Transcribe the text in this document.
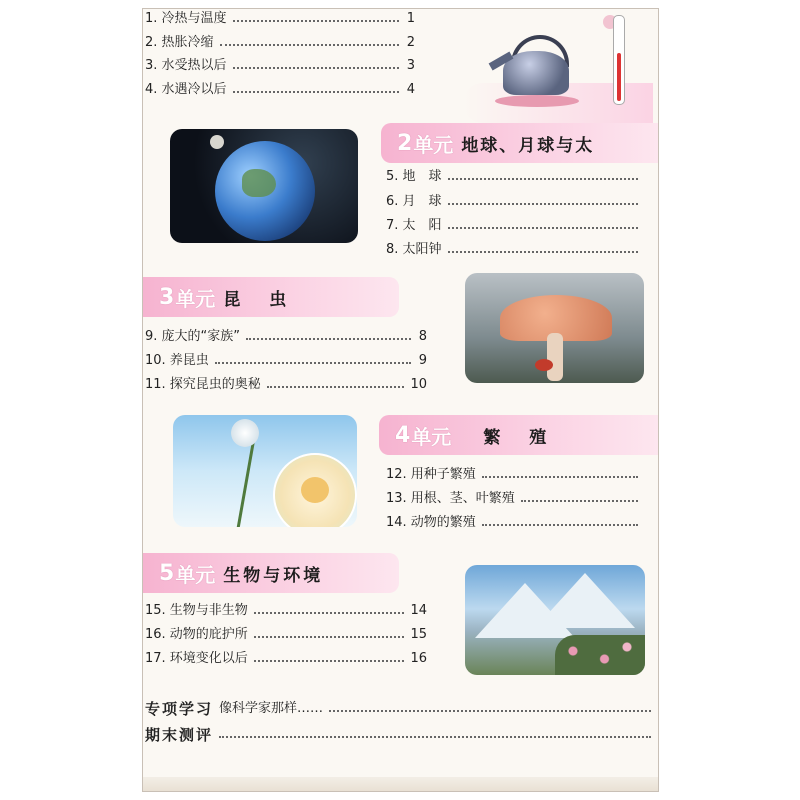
1. 冷热与温度	1
2. 热胀冷缩	2
3. 水受热以后	3
4. 水遇冷以后	4
2 单元 地球、月球与太
5. 地　球
6. 月　球
7. 太　阳
8. 太阳钟
3 单元 昆　虫
9. 庞大的“家族”	8
10. 养昆虫	9
11. 探究昆虫的奥秘	10
4 单元 繁　殖
12. 用种子繁殖
13. 用根、茎、叶繁殖
14. 动物的繁殖
5 单元 生物与环境
15. 生物与非生物	14
16. 动物的庇护所	15
17. 环境变化以后	16
专项学习 像科学家那样……
期末测评
